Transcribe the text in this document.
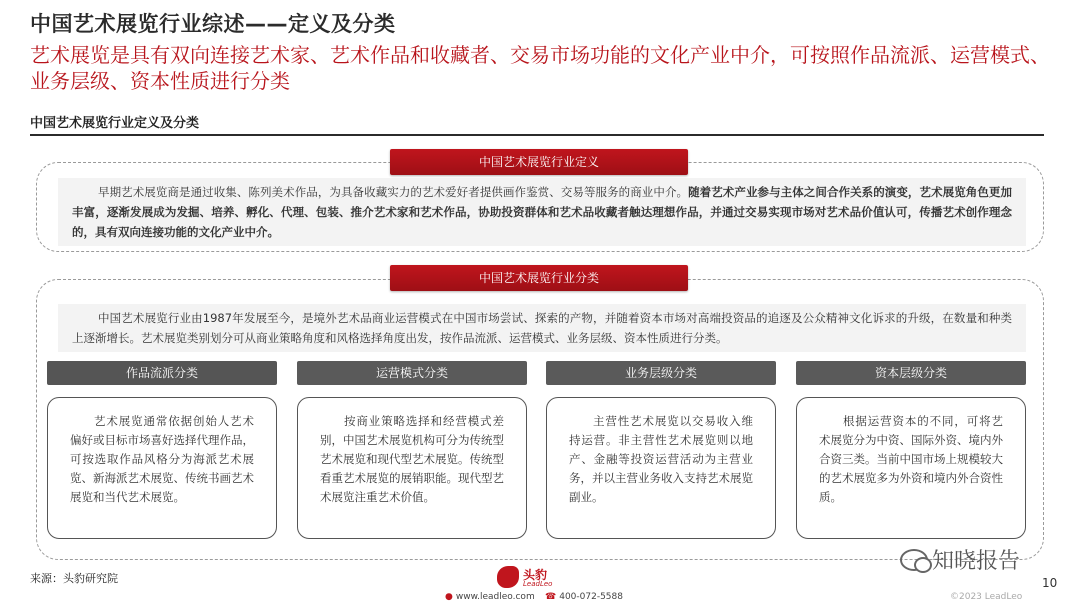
中国艺术展览行业综述——定义及分类
艺术展览是具有双向连接艺术家、艺术作品和收藏者、交易市场功能的文化产业中介，可按照作品流派、运营模式、业务层级、资本性质进行分类
中国艺术展览行业定义及分类

早期艺术展览商是通过收集、陈列美术作品，为具备收藏实力的艺术爱好者提供画作鉴赏、交易等服务的商业中介。随着艺术产业参与主体之间合作关系的演变，艺术展览角色更加丰富，逐渐发展成为发掘、培养、孵化、代理、包装、推介艺术家和艺术作品，协助投资群体和艺术品收藏者触达理想作品，并通过交易实现市场对艺术品价值认可，传播艺术创作理念的，具有双向连接功能的文化产业中介。

中国艺术展览行业定义

中国艺术展览行业由1987年发展至今，是境外艺术品商业运营模式在中国市场尝试、探索的产物，并随着资本市场对高端投资品的追逐及公众精神文化诉求的升级，在数量和种类上逐渐增长。艺术展览类别划分可从商业策略角度和风格选择角度出发，按作品流派、运营模式、业务层级、资本性质进行分类。

中国艺术展览行业分类
作品流派分类	运营模式分类	业务层级分类	资本层级分类

艺术展览通常依据创始人艺术偏好或目标市场喜好选择代理作品，可按选取作品风格分为海派艺术展览、新海派艺术展览、传统书画艺术展览和当代艺术展览。

按商业策略选择和经营模式差别，中国艺术展览机构可分为传统型艺术展览和现代型艺术展览。传统型看重艺术展览的展销职能。现代型艺术展览注重艺术价值。

主营性艺术展览以交易收入维持运营。非主营性艺术展览则以地产、金融等投资运营活动为主营业务，并以主营业务收入支持艺术展览副业。

根据运营资本的不同，可将艺术展览分为中资、国际外资、境内外合资三类。当前中国市场上规模较大的艺术展览多为外资和境内外合资性质。

来源：头豹研究院	头豹
LeadLeo
● www.leadleo.com ☎ 400-072-5588
知晓报告
10
©2023 LeadLeo
